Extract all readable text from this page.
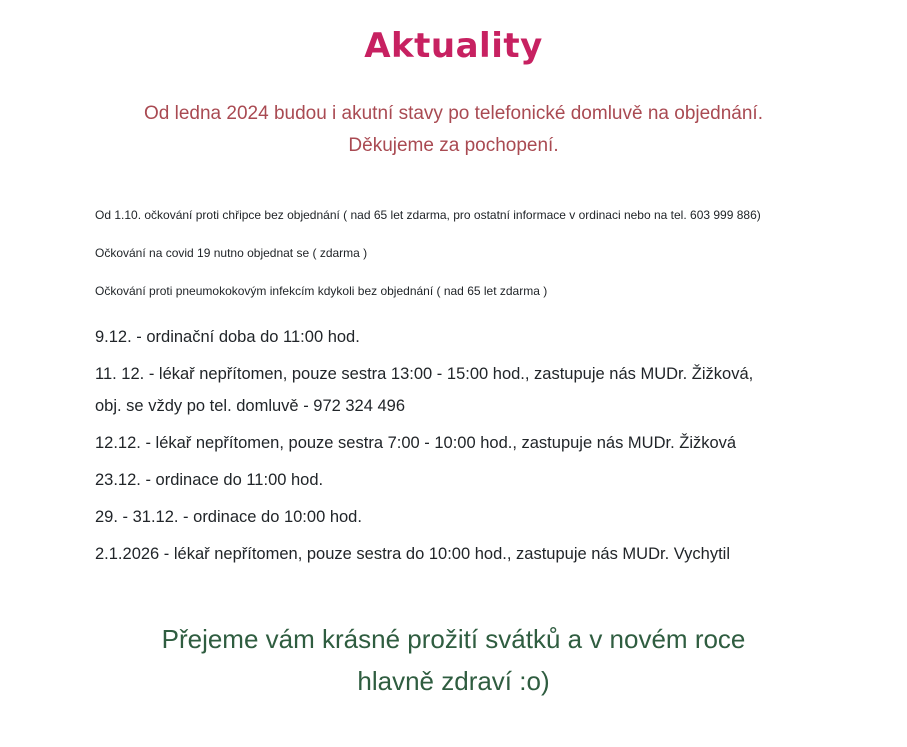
Aktuality
Od ledna 2024 budou i akutní stavy po telefonické domluvě na objednání.
Děkujeme za pochopení.

Od 1.10. očkování proti chřipce bez objednání ( nad 65 let zdarma, pro ostatní informace v ordinaci nebo na tel. 603 999 886)

Očkování na covid 19 nutno objednat se ( zdarma )

Očkování proti pneumokokovým infekcím kdykoli bez objednání ( nad 65 let zdarma )

9.12. - ordinační doba do 11:00 hod.

11. 12. - lékař nepřítomen, pouze sestra 13:00 - 15:00 hod., zastupuje nás MUDr. Žižková,
obj. se vždy po tel. domluvě - 972 324 496

12.12. - lékař nepřítomen, pouze sestra 7:00 - 10:00 hod., zastupuje nás MUDr. Žižková

23.12. - ordinace do 11:00 hod.

29. - 31.12. - ordinace do 10:00 hod.

2.1.2026 - lékař nepřítomen, pouze sestra do 10:00 hod., zastupuje nás MUDr. Vychytil

Přejeme vám krásné prožití svátků a v novém roce
hlavně zdraví :o)
